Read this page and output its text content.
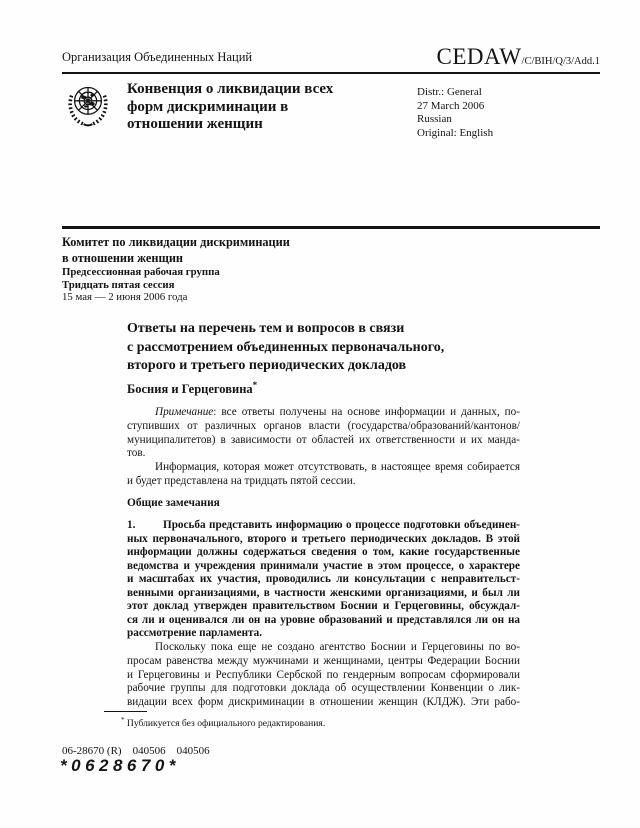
Организация Объединенных Наций	CEDAW/C/BIH/Q/3/Add.1
Конвенция о ликвидации всех
форм дискриминации в
отношении женщин
Distr.: General
27 March 2006
Russian
Original: English
Комитет по ликвидации дискриминации
в отношении женщин
Предсессионная рабочая группа
Тридцать пятая сессия
15 мая — 2 июня 2006 года
Ответы на перечень тем и вопросов в связи
с рассмотрением объединенных первоначального,
второго и третьего периодических докладов
Босния и Герцеговина*
Примечание: все ответы получены на основе информации и данных, по-
ступивших от различных органов власти (государства/образований/кантонов/
муниципалитетов) в зависимости от областей их ответственности и их манда-
тов.
Информация, которая может отсутствовать, в настоящее время собирается
и будет представлена на тридцать пятой сессии.
Общие замечания
1.        Просьба представить информацию о процессе подготовки объединен-
ных первоначального, второго и третьего периодических докладов. В этой
информации должны содержаться сведения о том, какие государственные
ведомства и учреждения принимали участие в этом процессе, о характере
и масштабах их участия, проводились ли консультации с неправительст-
венными организациями, в частности женскими организациями, и был ли
этот доклад утвержден правительством Боснии и Герцеговины, обсуждал-
ся ли и оценивался ли он на уровне образований и представлялся ли он на
рассмотрение парламента.
Поскольку пока еще не создано агентство Боснии и Герцеговины по во-
просам равенства между мужчинами и женщинами, центры Федерации Боснии
и Герцеговины и Республики Сербской по гендерным вопросам сформировали
рабочие группы для подготовки доклада об осуществлении Конвенции о лик-
видации всех форм дискриминации в отношении женщин (КЛДЖ). Эти рабо-
* Публикуется без официального редактирования.
06-28670 (R)    040506    040506
*0628670*
